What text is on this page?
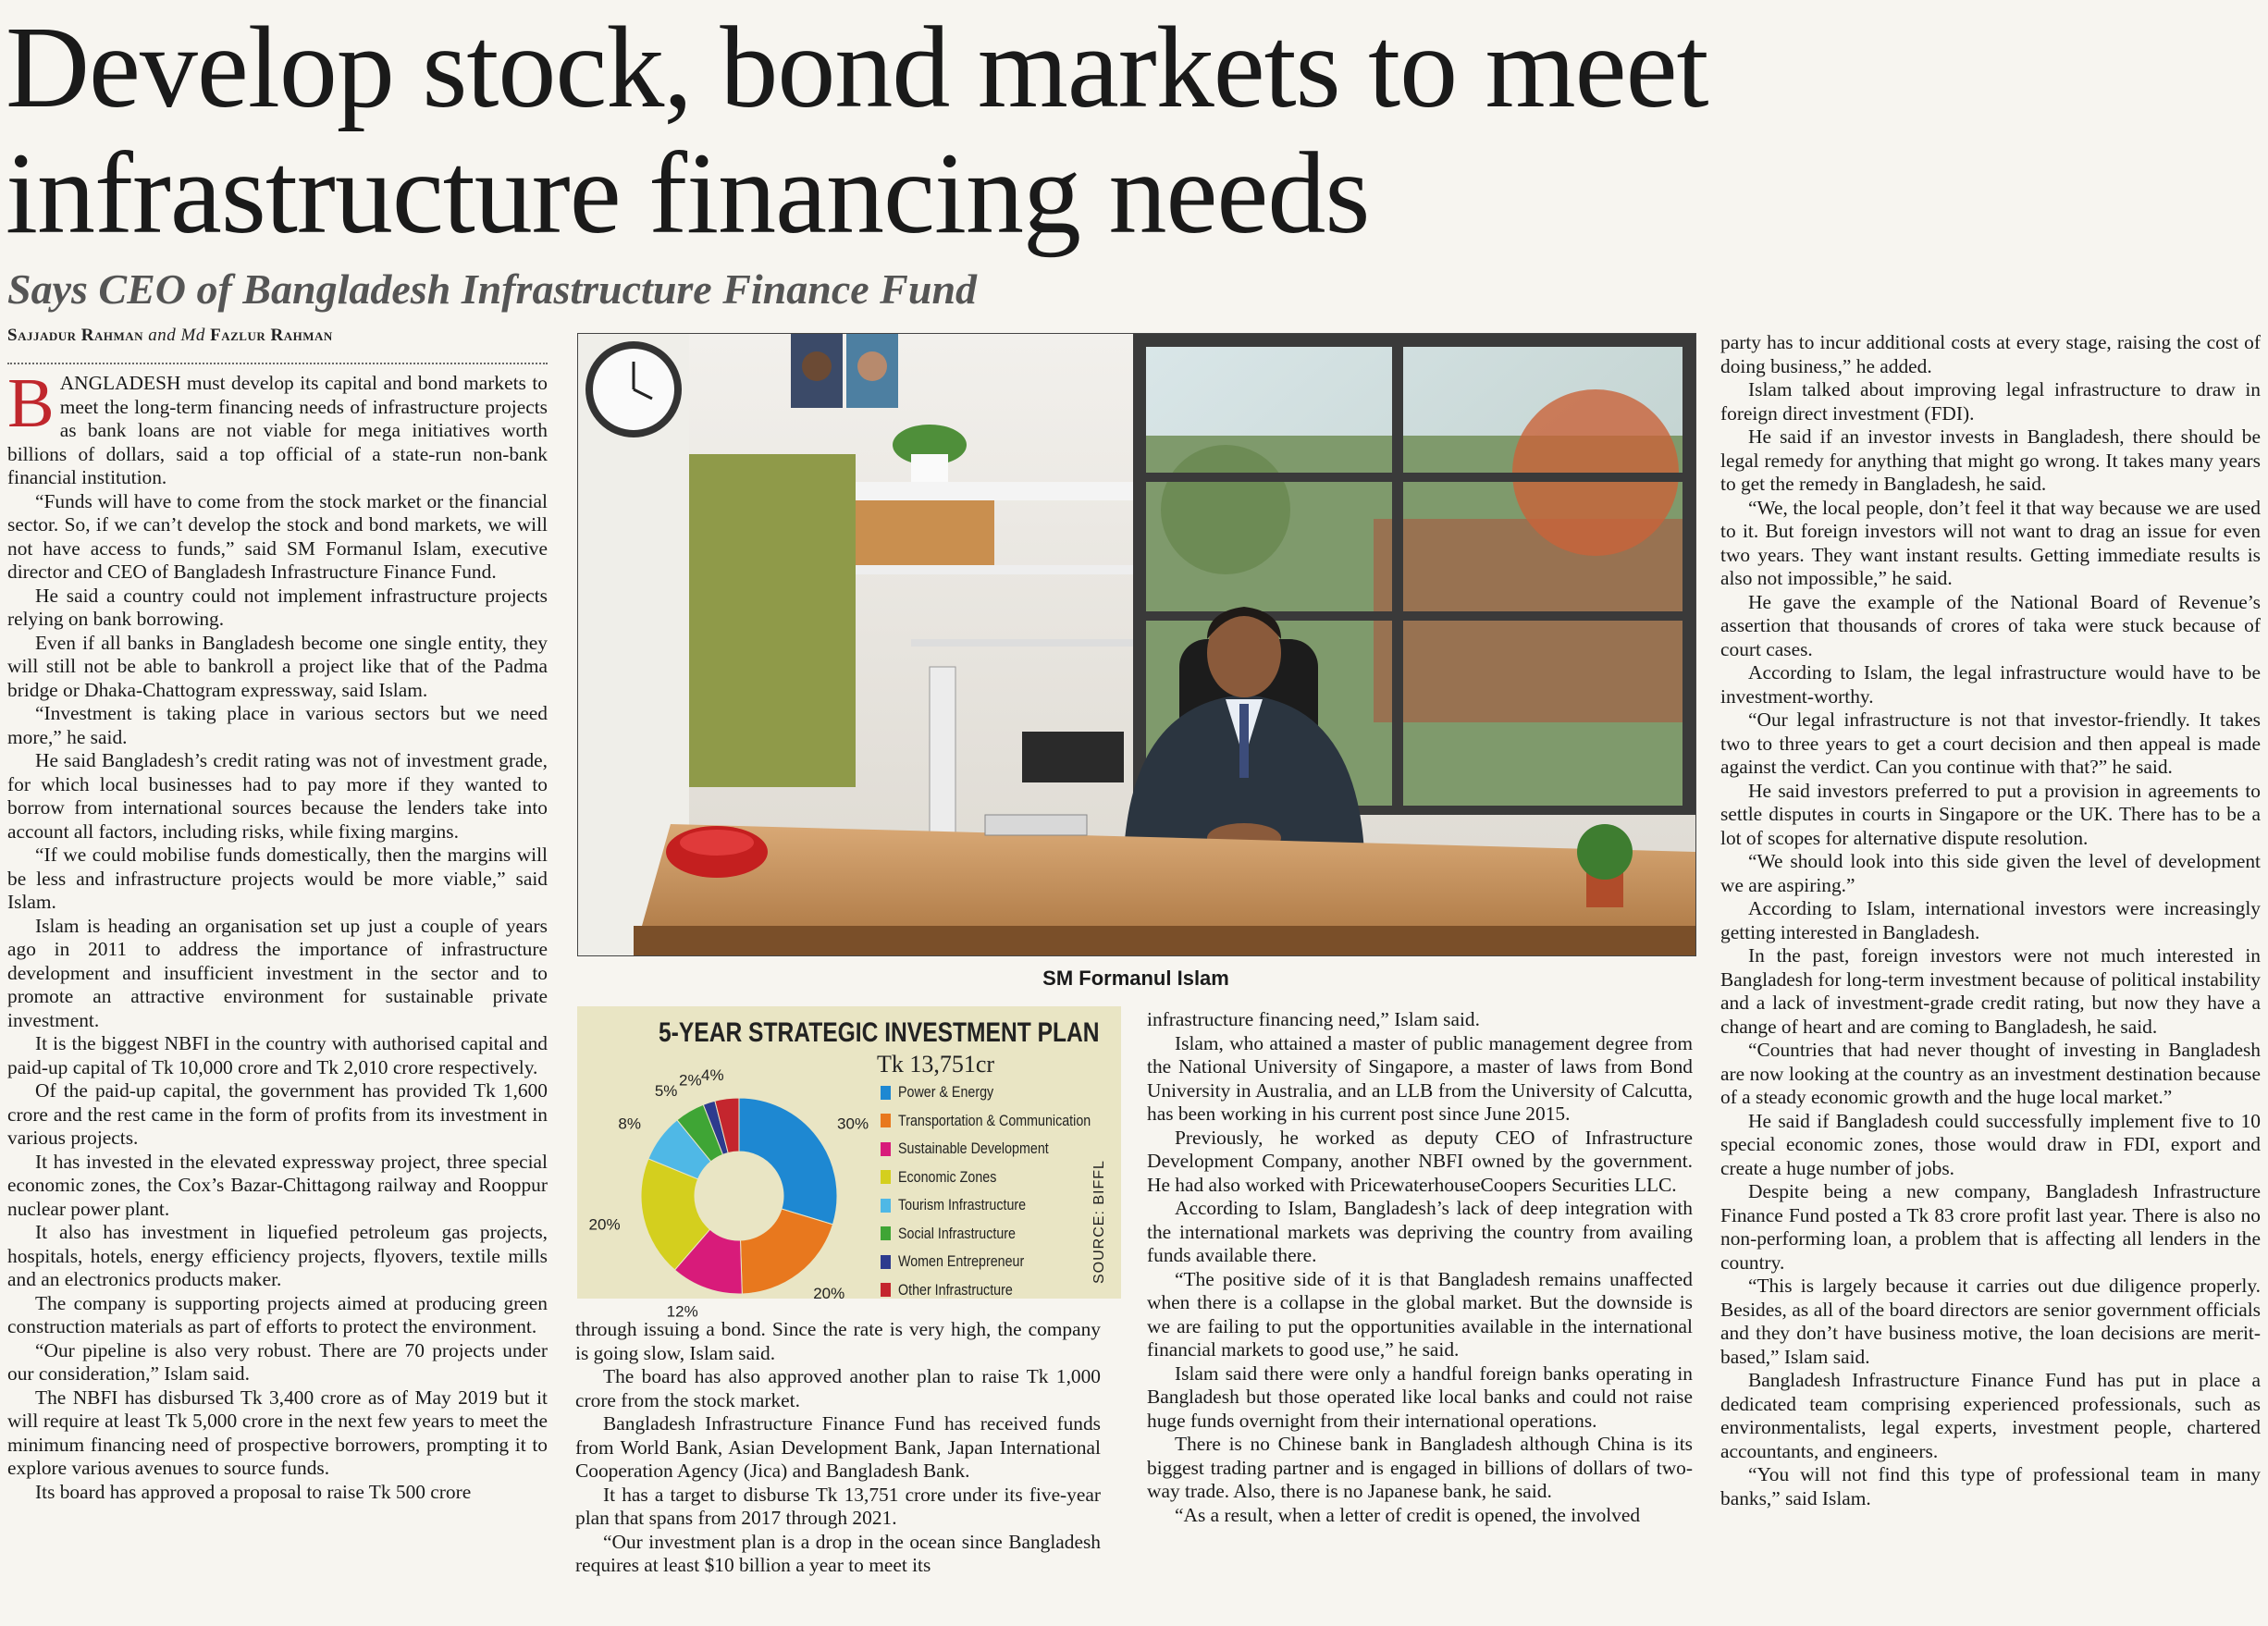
Develop stock, bond markets to meet infrastructure financing needs
Says CEO of Bangladesh Infrastructure Finance Fund
Sajjadur Rahman and Md Fazlur Rahman

BANGLADESH must develop its capital and bond markets to meet the long-term financing needs of infrastructure projects as bank loans are not viable for mega initiatives worth billions of dollars, said a top official of a state-run non-bank financial institution.

“Funds will have to come from the stock market or the financial sector. So, if we can’t develop the stock and bond markets, we will not have access to funds,” said SM Formanul Islam, executive director and CEO of Bangladesh Infrastructure Finance Fund.

He said a country could not implement infrastructure projects relying on bank borrowing.

Even if all banks in Bangladesh become one single entity, they will still not be able to bankroll a project like that of the Padma bridge or Dhaka-Chattogram expressway, said Islam.

“Investment is taking place in various sectors but we need more,” he said.

He said Bangladesh’s credit rating was not of investment grade, for which local businesses had to pay more if they wanted to borrow from international sources because the lenders take into account all factors, including risks, while fixing margins.

“If we could mobilise funds domestically, then the margins will be less and infrastructure projects would be more viable,” said Islam.

Islam is heading an organisation set up just a couple of years ago in 2011 to address the importance of infrastructure development and insufficient investment in the sector and to promote an attractive environment for sustainable private investment.

It is the biggest NBFI in the country with authorised capital and paid-up capital of Tk 10,000 crore and Tk 2,010 crore respectively.

Of the paid-up capital, the government has provided Tk 1,600 crore and the rest came in the form of profits from its investment in various projects.

It has invested in the elevated expressway project, three special economic zones, the Cox’s Bazar-Chittagong railway and Rooppur nuclear power plant.

It also has investment in liquefied petroleum gas projects, hospitals, hotels, energy efficiency projects, flyovers, textile mills and an electronics products maker.

The company is supporting projects aimed at producing green construction materials as part of efforts to protect the environment.

“Our pipeline is also very robust. There are 70 projects under our consideration,” Islam said.

The NBFI has disbursed Tk 3,400 crore as of May 2019 but it will require at least Tk 5,000 crore in the next few years to meet the minimum financing need of prospective borrowers, prompting it to explore various avenues to source funds.

Its board has approved a proposal to raise Tk 500 crore

SM Formanul Islam
30%
20%
12%
20%
8%
5%
2% 4%
5-YEAR STRATEGIC INVESTMENT PLAN
Tk 13,751cr
Power & Energy
Transportation & Communication
Sustainable Development
Economic Zones
Tourism Infrastructure
Social Infrastructure
Women Entrepreneur
Other Infrastructure
SOURCE: BIFFL

through issuing a bond. Since the rate is very high, the company is going slow, Islam said.

The board has also approved another plan to raise Tk 1,000 crore from the stock market.

Bangladesh Infrastructure Finance Fund has received funds from World Bank, Asian Development Bank, Japan International Cooperation Agency (Jica) and Bangladesh Bank.

It has a target to disburse Tk 13,751 crore under its five-year plan that spans from 2017 through 2021.

“Our investment plan is a drop in the ocean since Bangladesh requires at least $10 billion a year to meet its

infrastructure financing need,” Islam said.

Islam, who attained a master of public management degree from the National University of Singapore, a master of laws from Bond University in Australia, and an LLB from the University of Calcutta, has been working in his current post since June 2015.

Previously, he worked as deputy CEO of Infrastructure Development Company, another NBFI owned by the government. He had also worked with PricewaterhouseCoopers Securities LLC.

According to Islam, Bangladesh’s lack of deep integration with the international markets was depriving the country from availing funds available there.

“The positive side of it is that Bangladesh remains unaffected when there is a collapse in the global market. But the downside is we are failing to put the opportunities available in the international financial markets to good use,” he said.

Islam said there were only a handful foreign banks operating in Bangladesh but those operated like local banks and could not raise huge funds overnight from their international operations.

There is no Chinese bank in Bangladesh although China is its biggest trading partner and is engaged in billions of dollars of two-way trade. Also, there is no Japanese bank, he said.

“As a result, when a letter of credit is opened, the involved

party has to incur additional costs at every stage, raising the cost of doing business,” he added.

Islam talked about improving legal infrastructure to draw in foreign direct investment (FDI).

He said if an investor invests in Bangladesh, there should be legal remedy for anything that might go wrong. It takes many years to get the remedy in Bangladesh, he said.

“We, the local people, don’t feel it that way because we are used to it. But foreign investors will not want to drag an issue for even two years. They want instant results. Getting immediate results is also not impossible,” he said.

He gave the example of the National Board of Revenue’s assertion that thousands of crores of taka were stuck because of court cases.

According to Islam, the legal infrastructure would have to be investment-worthy.

“Our legal infrastructure is not that investor-friendly. It takes two to three years to get a court decision and then appeal is made against the verdict. Can you continue with that?” he said.

He said investors preferred to put a provision in agreements to settle disputes in courts in Singapore or the UK. There has to be a lot of scopes for alternative dispute resolution.

“We should look into this side given the level of development we are aspiring.”

According to Islam, international investors were increasingly getting interested in Bangladesh.

In the past, foreign investors were not much interested in Bangladesh for long-term investment because of political instability and a lack of investment-grade credit rating, but now they have a change of heart and are coming to Bangladesh, he said.

“Countries that had never thought of investing in Bangladesh are now looking at the country as an investment destination because of a steady economic growth and the huge local market.”

He said if Bangladesh could successfully implement five to 10 special economic zones, those would draw in FDI, export and create a huge number of jobs.

Despite being a new company, Bangladesh Infrastructure Finance Fund posted a Tk 83 crore profit last year. There is also no non-performing loan, a problem that is affecting all lenders in the country.

“This is largely because it carries out due diligence properly. Besides, as all of the board directors are senior government officials and they don’t have business motive, the loan decisions are merit-based,” Islam said.

Bangladesh Infrastructure Finance Fund has put in place a dedicated team comprising experienced professionals, such as environmentalists, legal experts, investment people, chartered accountants, and engineers.

“You will not find this type of professional team in many banks,” said Islam.
